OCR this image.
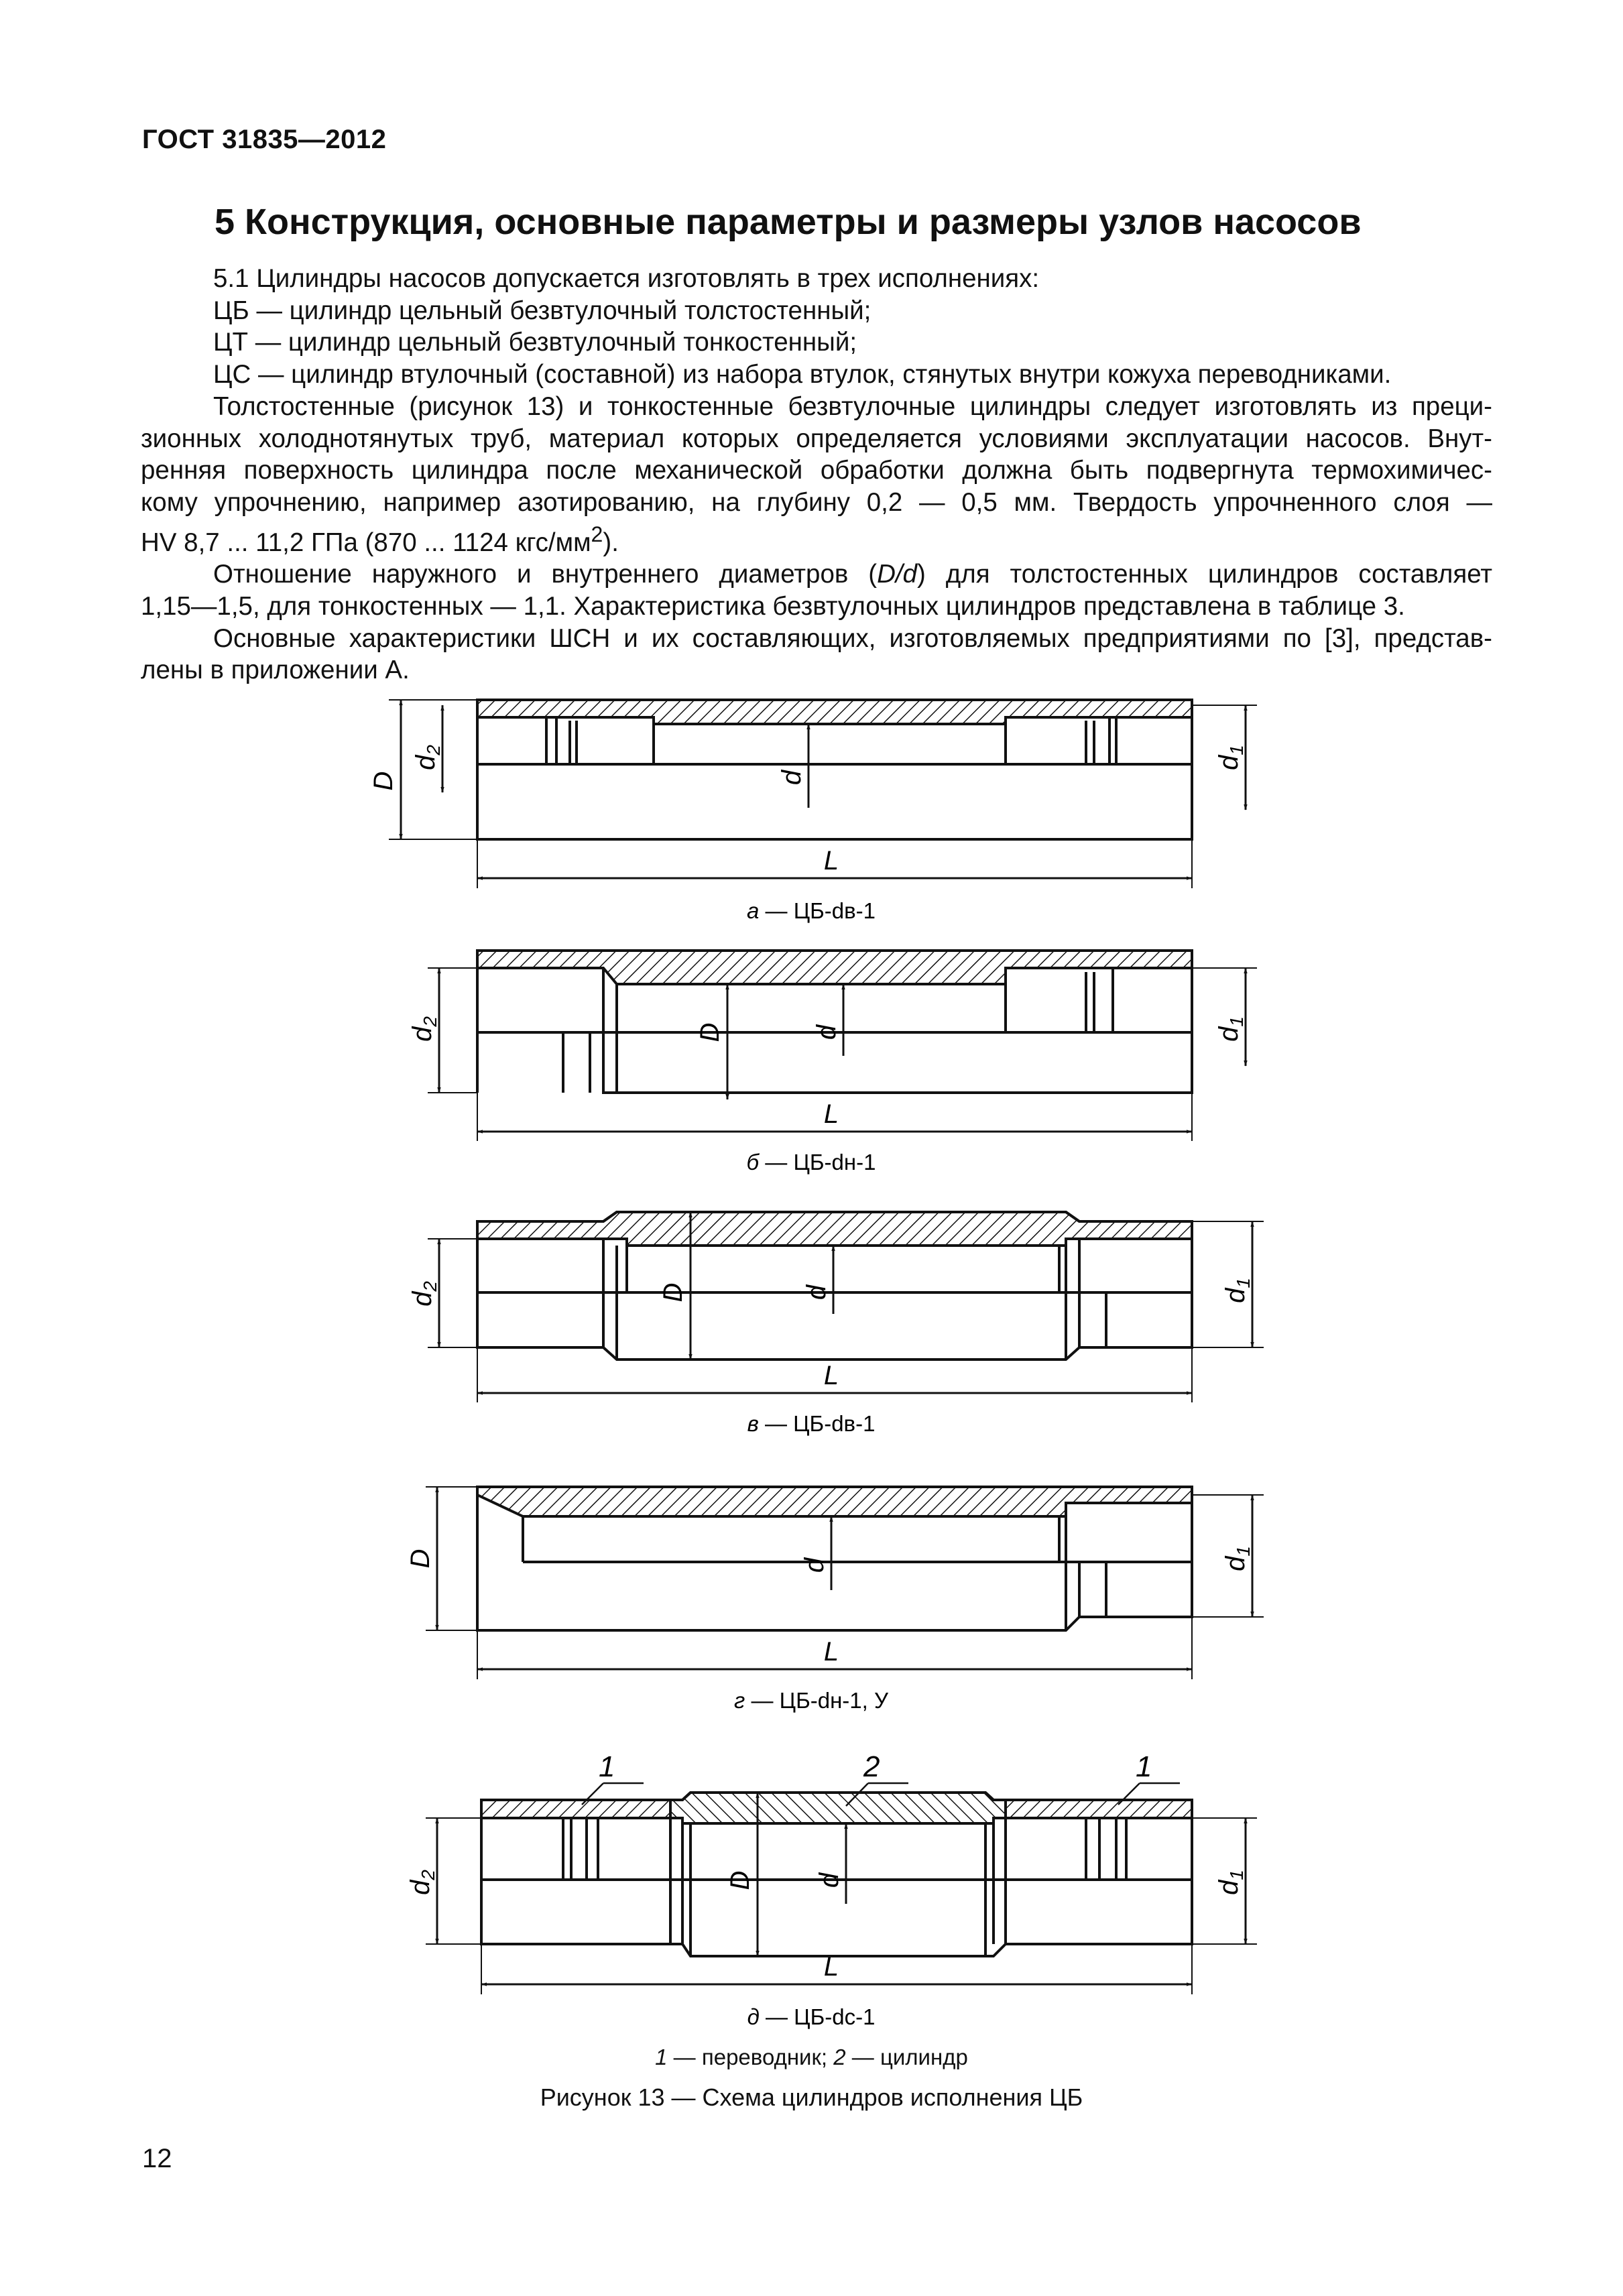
ГОСТ 31835—2012
5 Конструкция, основные параметры и размеры узлов насосов

5.1 Цилиндры насосов допускается изготовлять в трех исполнениях:

ЦБ — цилиндр цельный безвтулочный толстостенный;

ЦТ — цилиндр цельный безвтулочный тонкостенный;

ЦС — цилиндр втулочный (составной) из набора втулок, стянутых внутри кожуха переводниками.

Толстостенные (рисунок 13) и тонкостенные безвтулочные цилиндры следует изготовлять из преци-

зионных холоднотянутых труб, материал которых определяется условиями эксплуатации насосов. Внут-

ренняя поверхность цилиндра после механической обработки должна быть подвергнута термохимичес-

кому упрочнению, например азотированию, на глубину 0,2 — 0,5 мм. Твердость упрочненного слоя —

HV 8,7 ... 11,2 ГПа (870 ... 1124 кгс/$мм^2$).

Отношение наружного и внутреннего диаметров (D/d) для толстостенных цилиндров составляет

1,15—1,5, для тонкостенных — 1,1. Характеристика безвтулочных цилиндров представлена в таблице 3.

Основные характеристики ШСН и их составляющих, изготовляемых предприятиями по [3], представ-

лены в приложении А.

D
$d_2$
d
$d_1$
L
а — ЦБ-dв-1
$d_2$
D	d	$d_1$
L
б — ЦБ-dн-1
$d_2$	D	d	$d_1$
L
в — ЦБ-dв-1
D	d	$d_1$
L
г — ЦБ-dн-1, У
1	2	1
$d_2$	D d	$d_1$
L
д — ЦБ-dс-1
1 — переводник; 2 — цилиндр
Рисунок 13 — Схема цилиндров исполнения ЦБ
12
